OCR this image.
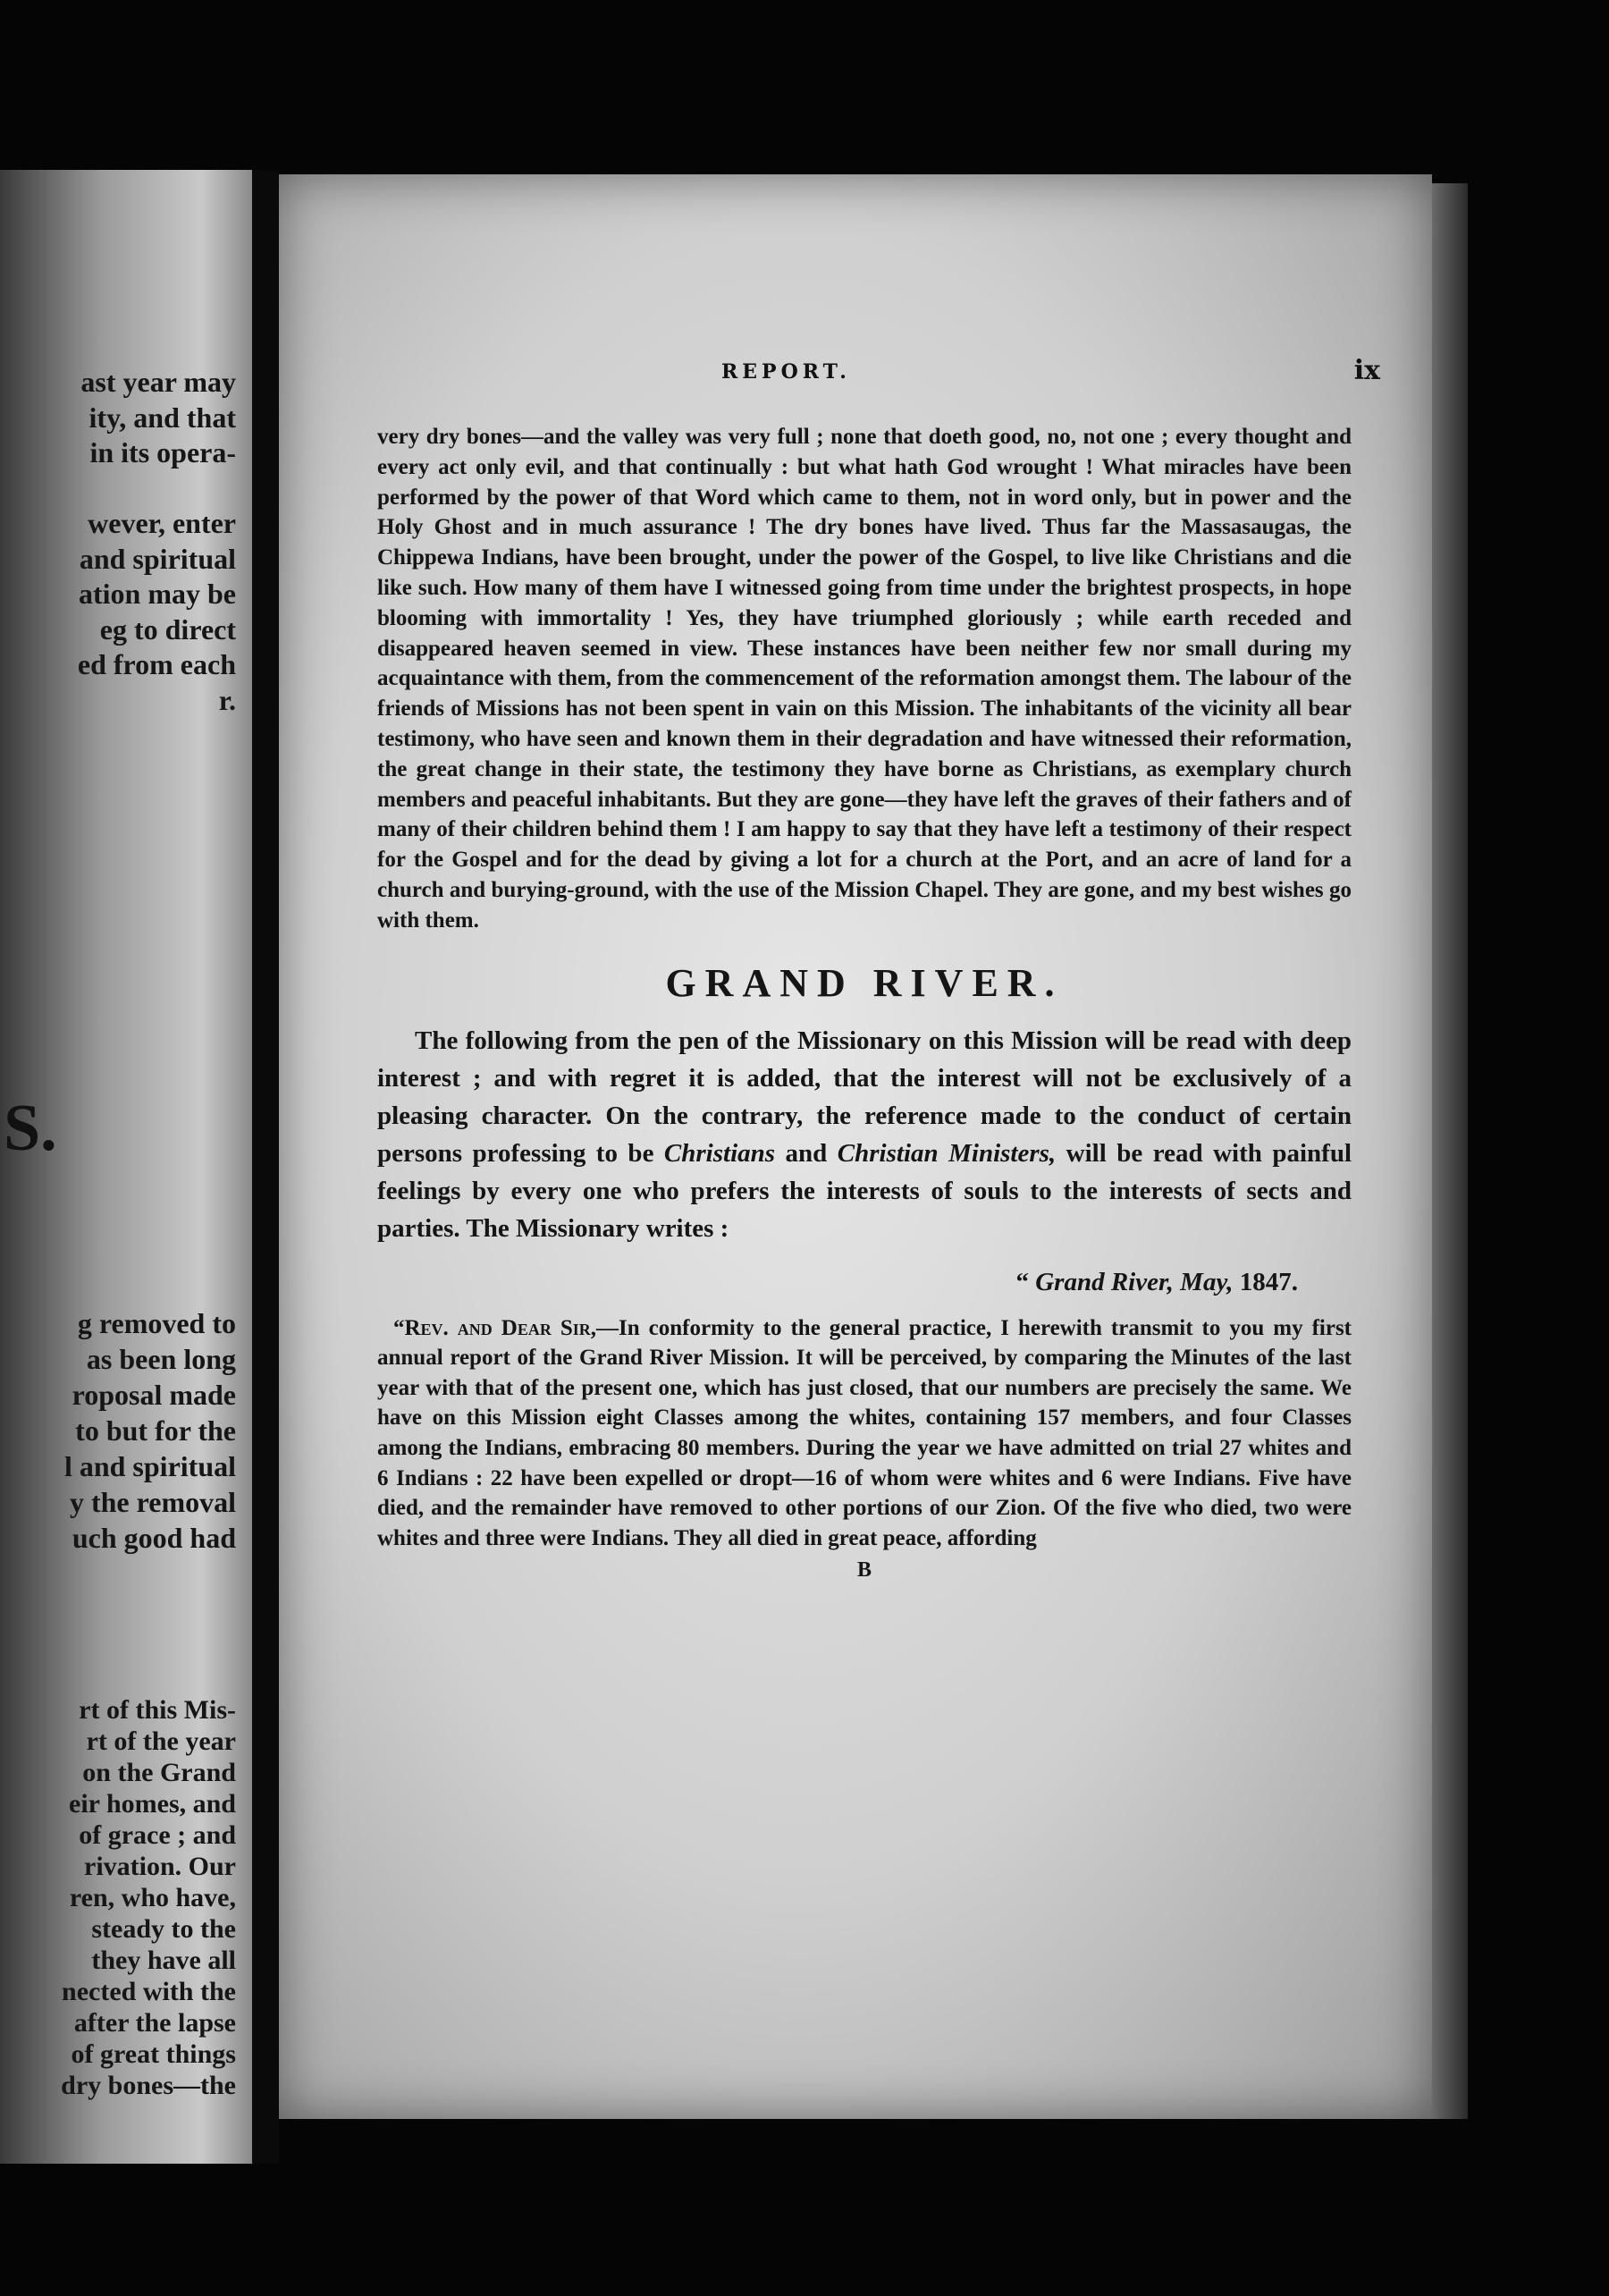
ast year may
ity, and that
in its opera-

wever, enter
and spiritual
ation may be
eg to direct
ed from each
r.
S.
g removed to
as been long
roposal made
to but for the
l and spiritual
y the removal
uch good had
rt of this Mis-
rt of the year
on the Grand
eir homes, and
of grace ; and
rivation. Our
ren, who have,
steady to the
they have all
nected with the
after the lapse
of great things
dry bones—the
REPORT.	ix

very dry bones—and the valley was very full ; none that doeth good, no, not one ; every thought and every act only evil, and that continually : but what hath God wrought ! What miracles have been performed by the power of that Word which came to them, not in word only, but in power and the Holy Ghost and in much assurance ! The dry bones have lived. Thus far the Massasaugas, the Chippewa Indians, have been brought, under the power of the Gospel, to live like Christians and die like such. How many of them have I witnessed going from time under the brightest prospects, in hope blooming with immortality ! Yes, they have triumphed gloriously ; while earth receded and disappeared heaven seemed in view. These instances have been neither few nor small during my acquaintance with them, from the commencement of the reformation amongst them. The labour of the friends of Missions has not been spent in vain on this Mission. The inhabitants of the vicinity all bear testimony, who have seen and known them in their degradation and have witnessed their reformation, the great change in their state, the testimony they have borne as Christians, as exemplary church members and peaceful inhabitants. But they are gone—they have left the graves of their fathers and of many of their children behind them ! I am happy to say that they have left a testimony of their respect for the Gospel and for the dead by giving a lot for a church at the Port, and an acre of land for a church and burying-ground, with the use of the Mission Chapel. They are gone, and my best wishes go with them.

GRAND RIVER.

The following from the pen of the Missionary on this Mission will be read with deep interest ; and with regret it is added, that the interest will not be exclusively of a pleasing character. On the contrary, the reference made to the conduct of certain persons professing to be Christians and Christian Ministers, will be read with painful feelings by every one who prefers the interests of souls to the interests of sects and parties. The Missionary writes :

“ Grand River, May, 1847.

“Rev. and Dear Sir,—In conformity to the general practice, I herewith transmit to you my first annual report of the Grand River Mission. It will be perceived, by comparing the Minutes of the last year with that of the present one, which has just closed, that our numbers are precisely the same. We have on this Mission eight Classes among the whites, containing 157 members, and four Classes among the Indians, embracing 80 members. During the year we have admitted on trial 27 whites and 6 Indians : 22 have been expelled or dropt—16 of whom were whites and 6 were Indians. Five have died, and the remainder have removed to other portions of our Zion. Of the five who died, two were whites and three were Indians. They all died in great peace, affording

B
